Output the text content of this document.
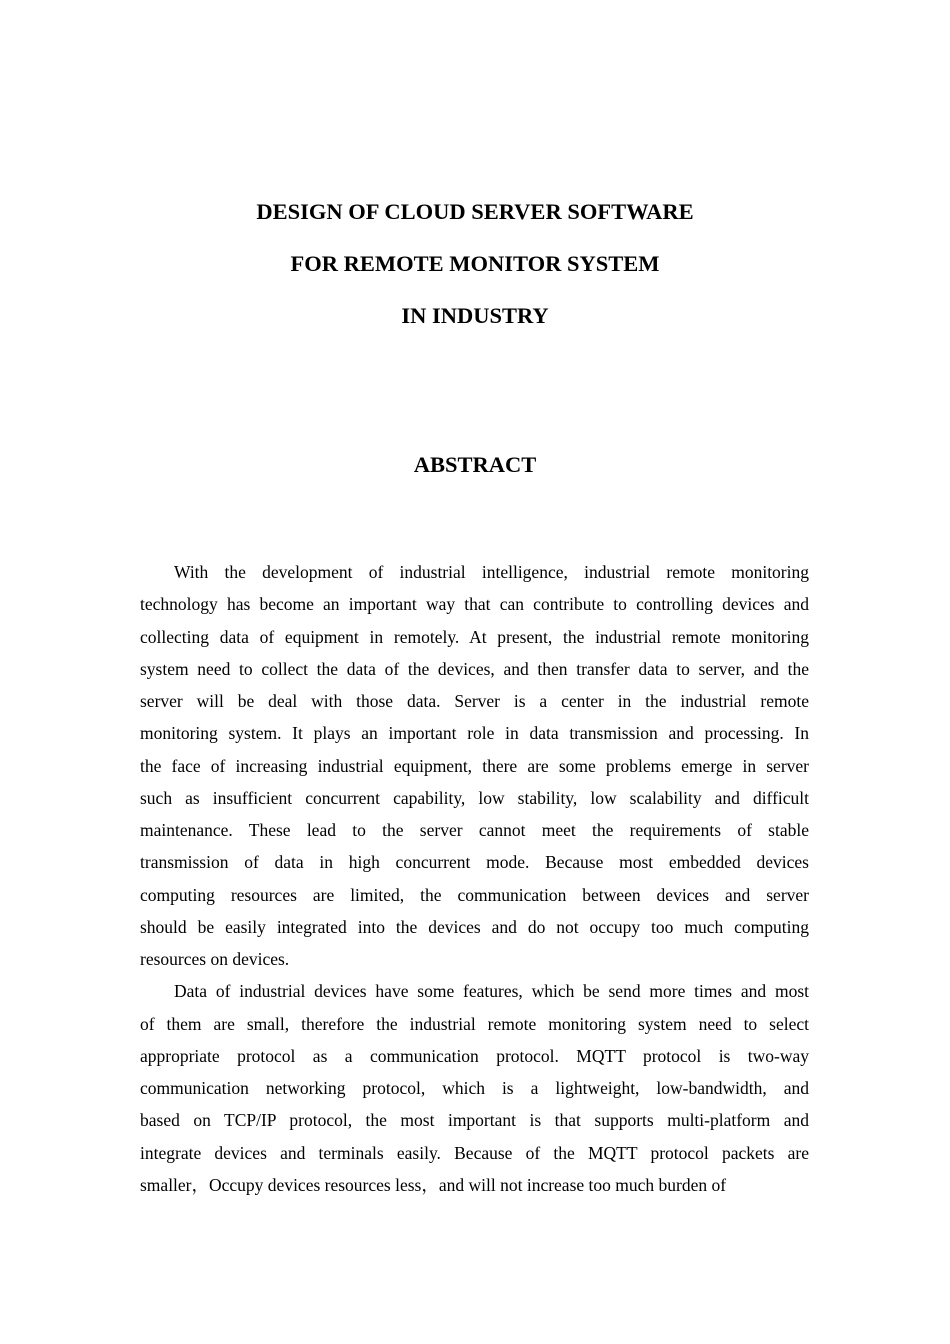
DESIGN OF CLOUD SERVER SOFTWARE
FOR REMOTE MONITOR SYSTEM
IN INDUSTRY
ABSTRACT
With the development of industrial intelligence, industrial remote monitoring
technology has become an important way that can contribute to controlling devices and
collecting data of equipment in remotely. At present, the industrial remote monitoring
system need to collect the data of the devices, and then transfer data to server, and the
server will be deal with those data. Server is a center in the industrial remote
monitoring system. It plays an important role in data transmission and processing. In
the face of increasing industrial equipment, there are some problems emerge in server
such as insufficient concurrent capability, low stability, low scalability and difficult
maintenance. These lead to the server cannot meet the requirements of stable
transmission of data in high concurrent mode. Because most embedded devices
computing resources are limited, the communication between devices and server
should be easily integrated into the devices and do not occupy too much computing
resources on devices.
Data of industrial devices have some features, which be send more times and most
of them are small, therefore the industrial remote monitoring system need to select
appropriate protocol as a communication protocol. MQTT protocol is two-way
communication networking protocol, which is a lightweight, low-bandwidth, and
based on TCP/IP protocol, the most important is that supports multi-platform and
integrate devices and terminals easily. Because of the MQTT protocol packets are
smaller，Occupy devices resources less，and will not increase too much burden of
